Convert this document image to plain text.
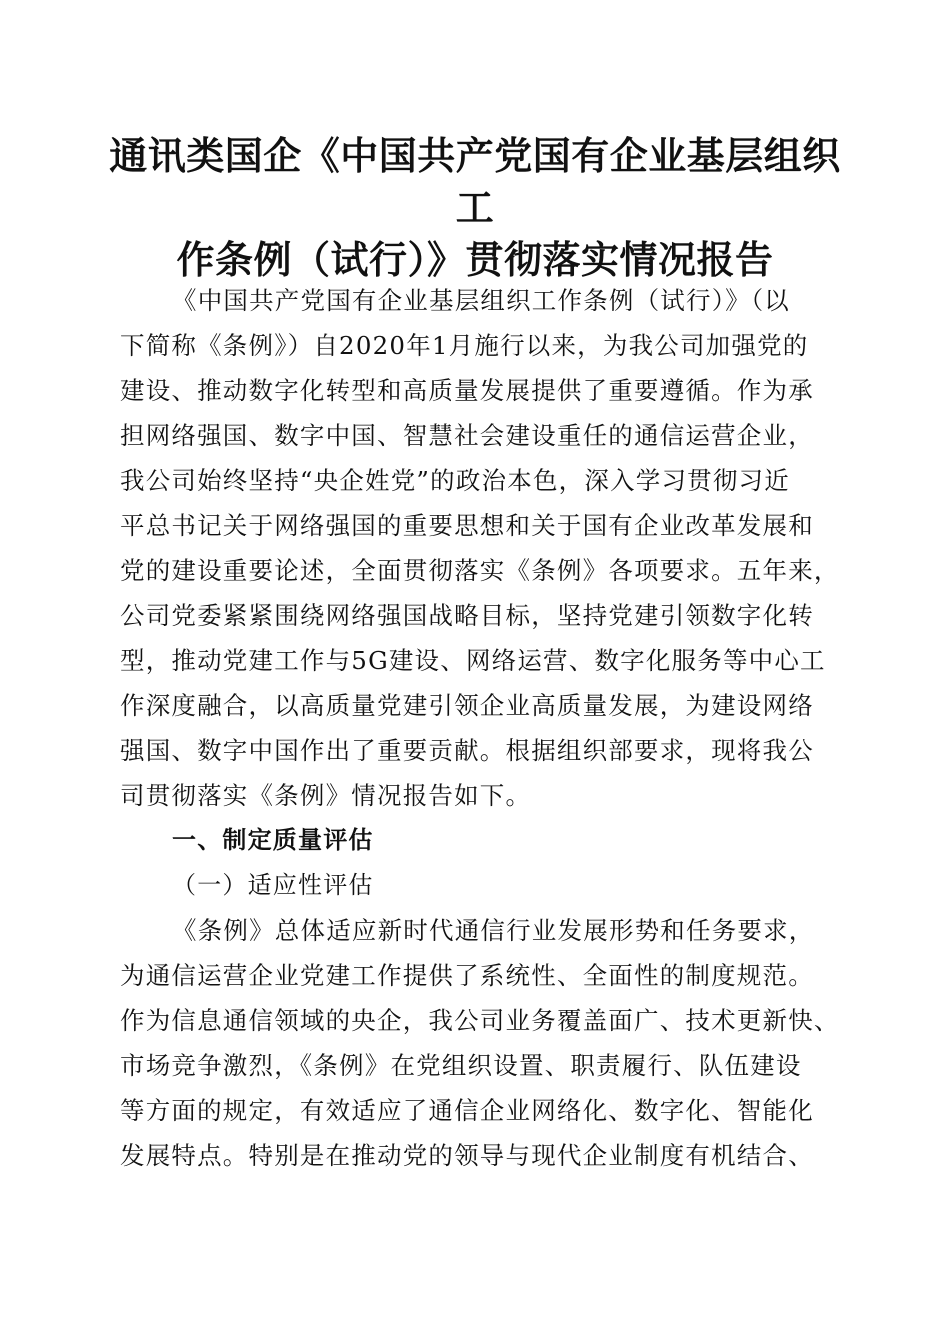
通讯类国企《中国共产党国有企业基层组织工
作条例（试行）》贯彻落实情况报告
《中国共产党国有企业基层组织工作条例（试行）》（以
下简称《条例》）自2020年1月施行以来，为我公司加强党的
建设、推动数字化转型和高质量发展提供了重要遵循。作为承
担网络强国、数字中国、智慧社会建设重任的通信运营企业，
我公司始终坚持“央企姓党”的政治本色，深入学习贯彻习近
平总书记关于网络强国的重要思想和关于国有企业改革发展和
党的建设重要论述，全面贯彻落实《条例》各项要求。五年来，
公司党委紧紧围绕网络强国战略目标，坚持党建引领数字化转
型，推动党建工作与5G建设、网络运营、数字化服务等中心工
作深度融合，以高质量党建引领企业高质量发展，为建设网络
强国、数字中国作出了重要贡献。根据组织部要求，现将我公
司贯彻落实《条例》情况报告如下。
一、制定质量评估
（一）适应性评估
《条例》总体适应新时代通信行业发展形势和任务要求，
为通信运营企业党建工作提供了系统性、全面性的制度规范。
作为信息通信领域的央企，我公司业务覆盖面广、技术更新快、
市场竞争激烈，《条例》在党组织设置、职责履行、队伍建设
等方面的规定，有效适应了通信企业网络化、数字化、智能化
发展特点。特别是在推动党的领导与现代企业制度有机结合、
